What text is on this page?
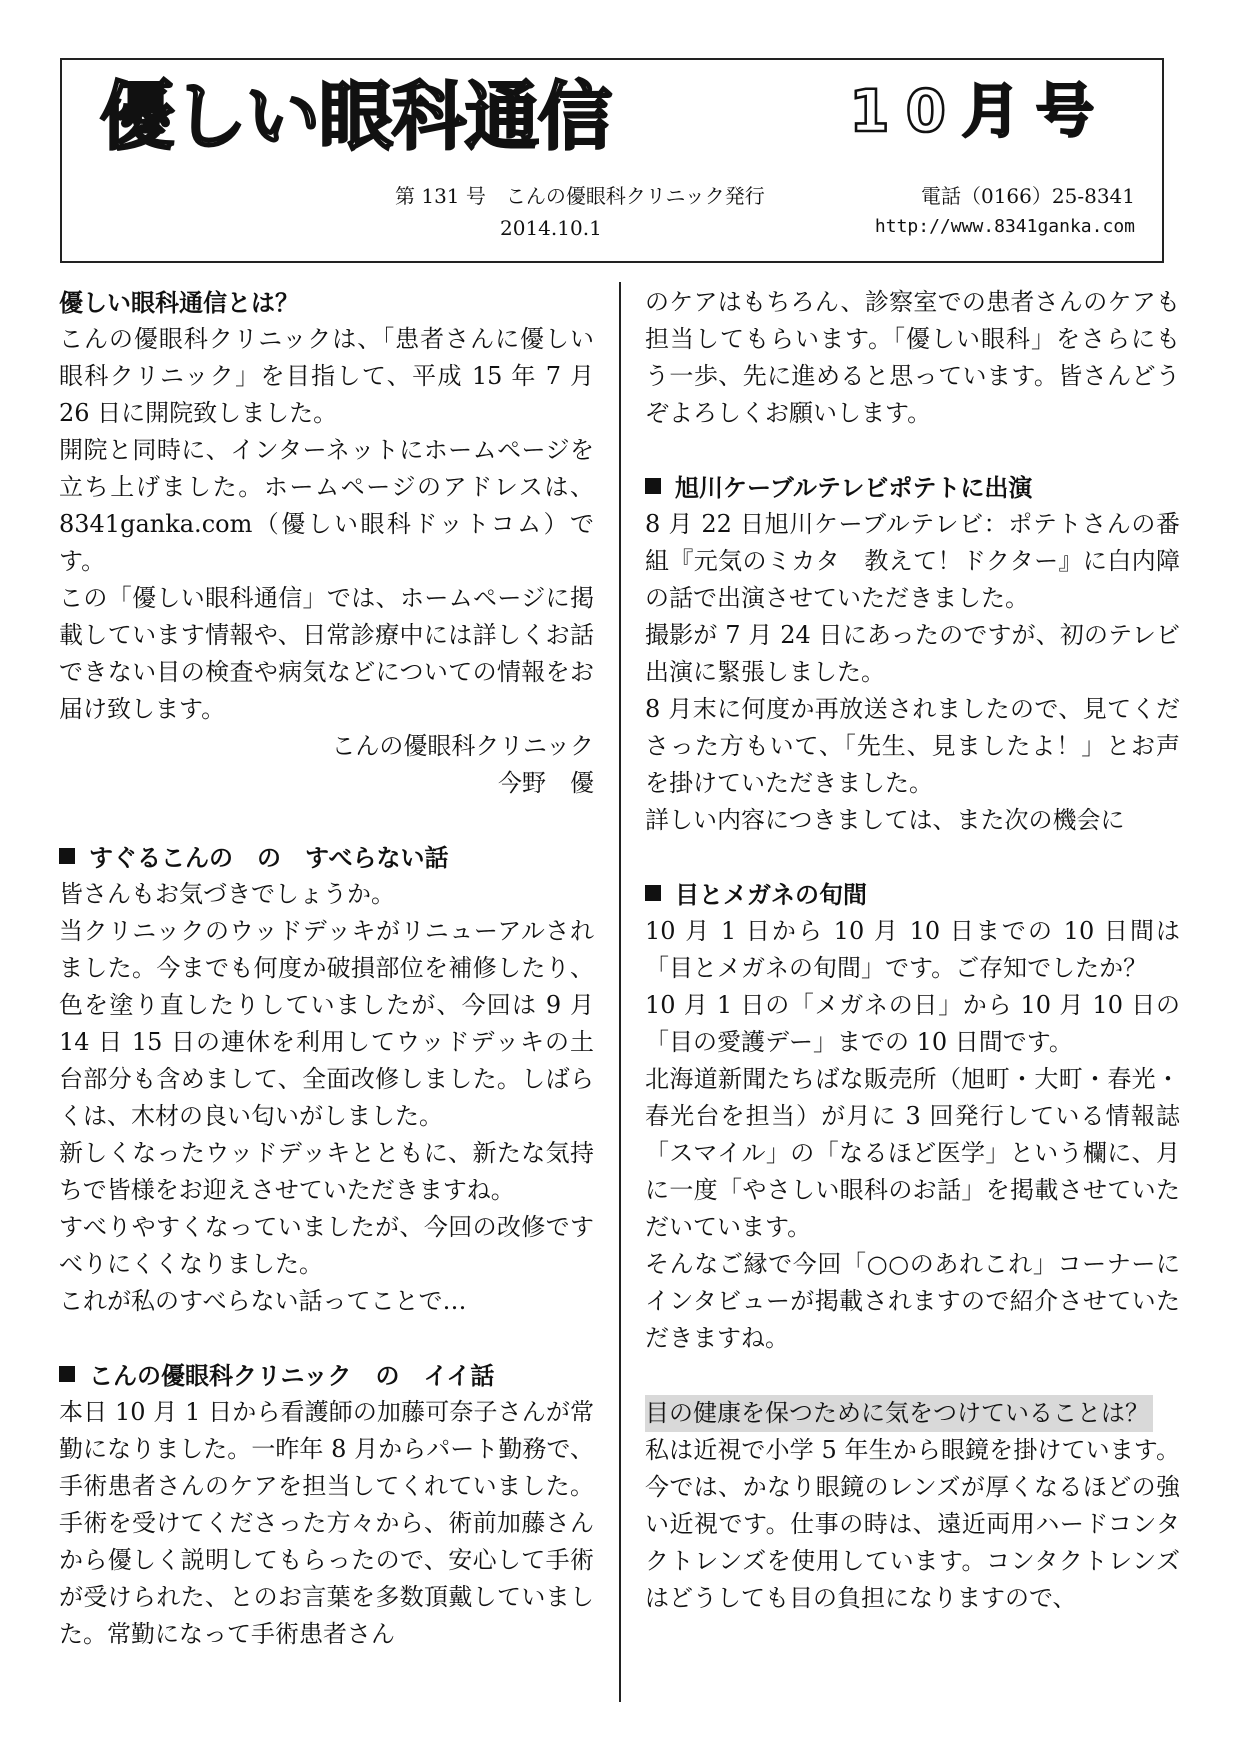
優しい眼科通信	10月号
第 131 号　こんの優眼科クリニック発行	電話（0166）25-8341
2014.10.1	http://www.8341ganka.com
優しい眼科通信とは？

こんの優眼科クリニックは、「患者さんに優しい眼科クリニック」を目指して、平成 15 年 7 月 26 日に開院致しました。

開院と同時に、インターネットにホームページを立ち上げました。ホームページのアドレスは、8341ganka.com（優しい眼科ドットコム）です。

この「優しい眼科通信」では、ホームページに掲載しています情報や、日常診療中には詳しくお話できない目の検査や病気などについての情報をお届け致します。

こんの優眼科クリニック

今野　優

すぐるこんの　の　すべらない話

皆さんもお気づきでしょうか。

当クリニックのウッドデッキがリニューアルされました。今までも何度か破損部位を補修したり、色を塗り直したりしていましたが、今回は 9 月 14 日 15 日の連休を利用してウッドデッキの土台部分も含めまして、全面改修しました。しばらくは、木材の良い匂いがしました。

新しくなったウッドデッキとともに、新たな気持ちで皆様をお迎えさせていただきますね。

すべりやすくなっていましたが、今回の改修ですべりにくくなりました。

これが私のすべらない話ってことで…

こんの優眼科クリニック　の　イイ話

本日 10 月 1 日から看護師の加藤可奈子さんが常勤になりました。一昨年 8 月からパート勤務で、手術患者さんのケアを担当してくれていました。手術を受けてくださった方々から、術前加藤さんから優しく説明してもらったので、安心して手術が受けられた、とのお言葉を多数頂戴していました。常勤になって手術患者さん

のケアはもちろん、診察室での患者さんのケアも担当してもらいます。「優しい眼科」をさらにもう一歩、先に進めると思っています。皆さんどうぞよろしくお願いします。

旭川ケーブルテレビポテトに出演

8 月 22 日旭川ケーブルテレビ：ポテトさんの番組『元気のミカタ　教えて！ドクター』に白内障の話で出演させていただきました。

撮影が 7 月 24 日にあったのですが、初のテレビ出演に緊張しました。

8 月末に何度か再放送されましたので、見てくださった方もいて、「先生、見ましたよ！」とお声を掛けていただきました。

詳しい内容につきましては、また次の機会に

目とメガネの旬間

10 月 1 日から 10 月 10 日までの 10 日間は「目とメガネの旬間」です。ご存知でしたか？

10 月 1 日の「メガネの日」から 10 月 10 日の「目の愛護デー」までの 10 日間です。

北海道新聞たちばな販売所（旭町・大町・春光・春光台を担当）が月に 3 回発行している情報誌「スマイル」の「なるほど医学」という欄に、月に一度「やさしい眼科のお話」を掲載させていただいています。

そんなご縁で今回「○○のあれこれ」コーナーにインタビューが掲載されますので紹介させていただきますね。

目の健康を保つために気をつけていることは？

私は近視で小学 5 年生から眼鏡を掛けています。今では、かなり眼鏡のレンズが厚くなるほどの強い近視です。仕事の時は、遠近両用ハードコンタクトレンズを使用しています。コンタクトレンズはどうしても目の負担になりますので、
